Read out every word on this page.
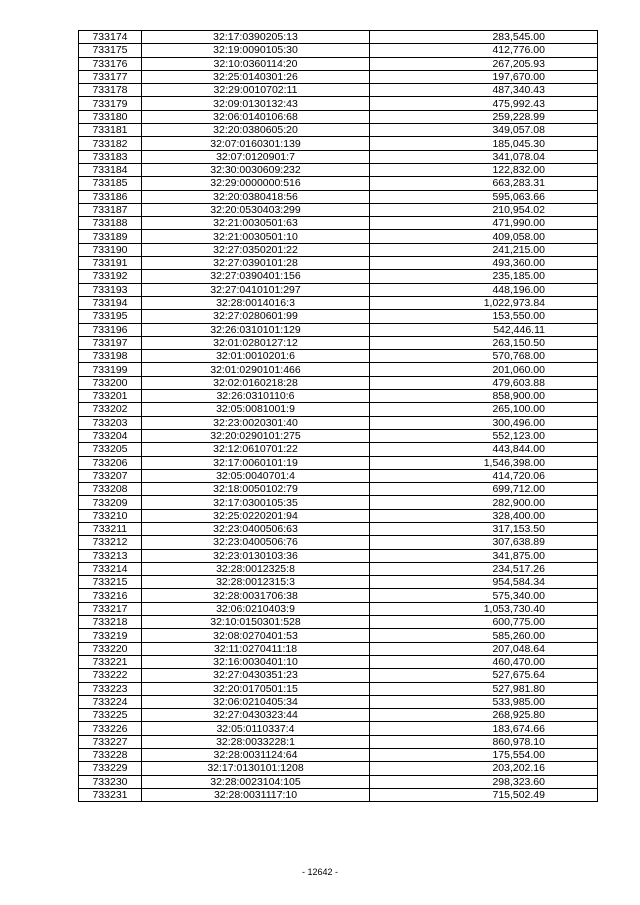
733174	32:17:0390205:13	283,545.00
733175	32:19:0090105:30	412,776.00
733176	32:10:0360114:20	267,205.93
733177	32:25:0140301:26	197,670.00
733178	32:29:0010702:11	487,340.43
733179	32:09:0130132:43	475,992.43
733180	32:06:0140106:68	259,228.99
733181	32:20:0380605:20	349,057.08
733182	32:07:0160301:139	185,045.30
733183	32:07:0120901:7	341,078.04
733184	32:30:0030609:232	122,832.00
733185	32:29:0000000:516	663,283.31
733186	32:20:0380418:56	595,063.66
733187	32:20:0530403:299	210,954.02
733188	32:21:0030501:63	471,990.00
733189	32:21:0030501:10	409,058.00
733190	32:27:0350201:22	241,215.00
733191	32:27:0390101:28	493,360.00
733192	32:27:0390401:156	235,185.00
733193	32:27:0410101:297	448,196.00
733194	32:28:0014016:3	1,022,973.84
733195	32:27:0280601:99	153,550.00
733196	32:26:0310101:129	542,446.11
733197	32:01:0280127:12	263,150.50
733198	32:01:0010201:6	570,768.00
733199	32:01:0290101:466	201,060.00
733200	32:02:0160218:28	479,603.88
733201	32:26:0310110:6	858,900.00
733202	32:05:0081001:9	265,100.00
733203	32:23:0020301:40	300,496.00
733204	32:20:0290101:275	552,123.00
733205	32:12:0610701:22	443,844.00
733206	32:17:0060101:19	1,546,398.00
733207	32:05:0040701:4	414,720.06
733208	32:18:0050102:79	699,712.00
733209	32:17:0300105:35	282,900.00
733210	32:25:0220201:94	328,400.00
733211	32:23:0400506:63	317,153.50
733212	32:23:0400506:76	307,638.89
733213	32:23:0130103:36	341,875.00
733214	32:28:0012325:8	234,517.26
733215	32:28:0012315:3	954,584.34
733216	32:28:0031706:38	575,340.00
733217	32:06:0210403:9	1,053,730.40
733218	32:10:0150301:528	600,775.00
733219	32:08:0270401:53	585,260.00
733220	32:11:0270411:18	207,048.64
733221	32:16:0030401:10	460,470.00
733222	32:27:0430351:23	527,675.64
733223	32:20:0170501:15	527,981.80
733224	32:06:0210405:34	533,985.00
733225	32:27:0430323:44	268,925.80
733226	32:05:0110337:4	183,674.66
733227	32:28:0033228:1	860,978.10
733228	32:28:0031124:64	175,554.00
733229	32:17:0130101:1208	203,202.16
733230	32:28:0023104:105	298,323.60
733231	32:28:0031117:10	715,502.49
- 12642 -
